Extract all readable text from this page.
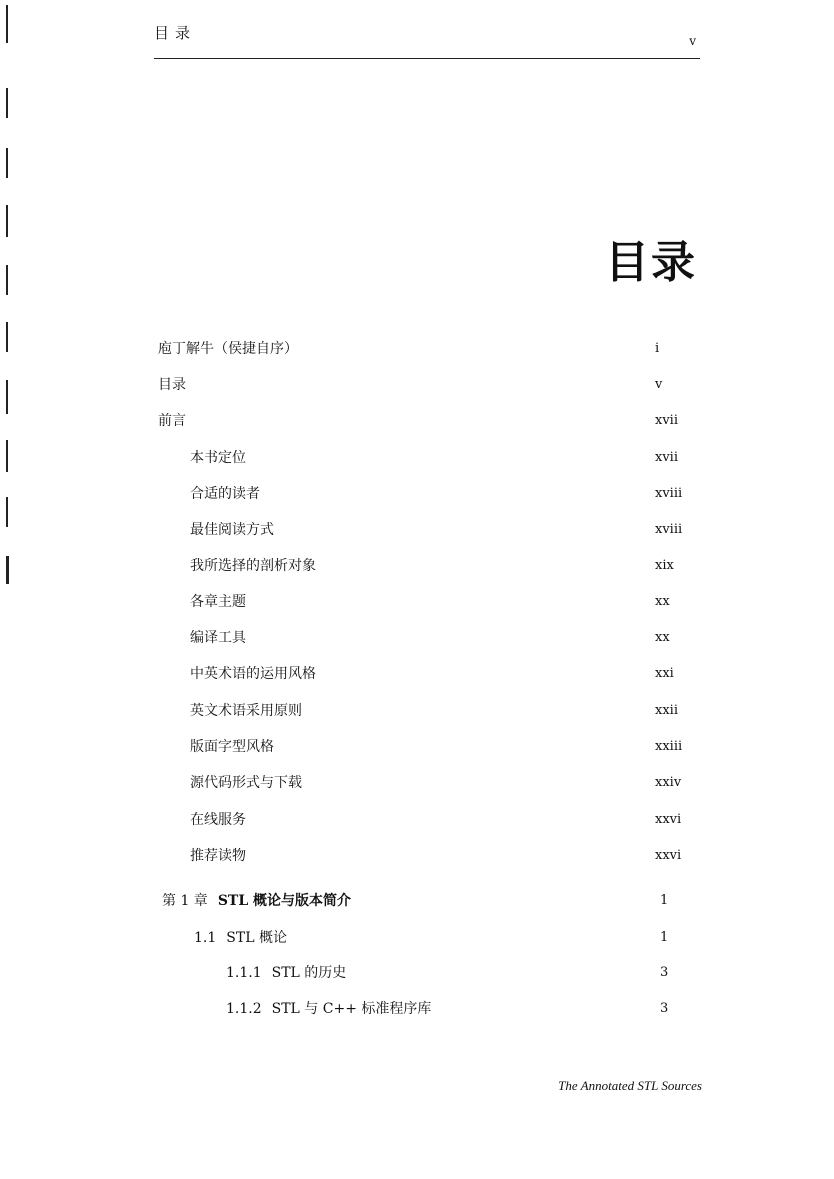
目录	v
目录
庖丁解牛（侯捷自序）	i
目录	v
前言	xvii
本书定位	xvii
合适的读者	xviii
最佳阅读方式	xviii
我所选择的剖析对象	xix
各章主题	xx
编译工具	xx
中英术语的运用风格	xxi
英文术语采用原则	xxii
版面字型风格	xxiii
源代码形式与下载	xxiv
在线服务	xxvi
推荐读物	xxvi
第 1 章 STL 概论与版本简介	1
1.1 STL 概论	1
1.1.1 STL 的历史	3
1.1.2 STL 与 C++ 标准程序库	3
The Annotated STL Sources
